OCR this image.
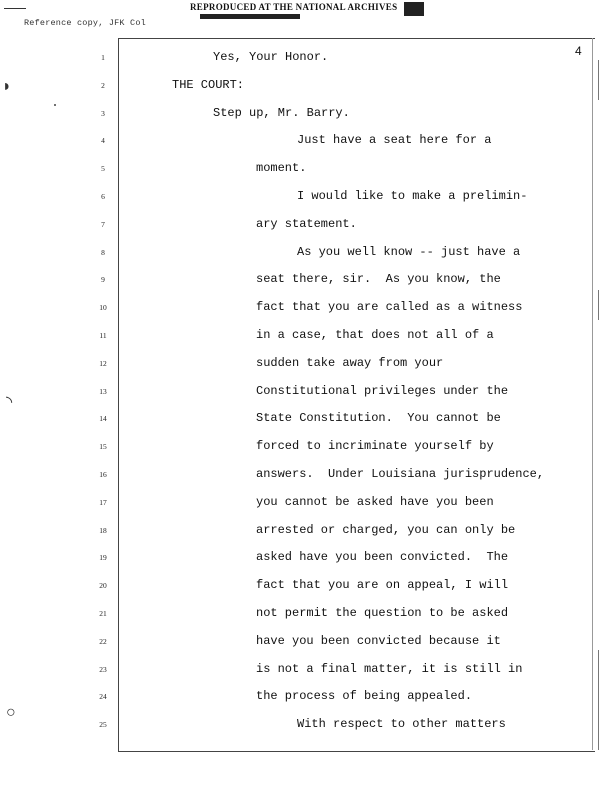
REPRODUCED AT THE NATIONAL ARCHIVES
Reference copy, JFK Col
4
◗
◝
○
1	Yes, Your Honor.
2	THE COURT:
3	Step up, Mr. Barry.
4	Just have a seat here for a
5	moment.
6	I would like to make a prelimin-
7	ary statement.
8	As you well know -- just have a
9	seat there, sir.  As you know, the
10	fact that you are called as a witness
11	in a case, that does not all of a
12	sudden take away from your
13	Constitutional privileges under the
14	State Constitution.  You cannot be
15	forced to incriminate yourself by
16	answers.  Under Louisiana jurisprudence,
17	you cannot be asked have you been
18	arrested or charged, you can only be
19	asked have you been convicted.  The
20	fact that you are on appeal, I will
21	not permit the question to be asked
22	have you been convicted because it
23	is not a final matter, it is still in
24	the process of being appealed.
25	With respect to other matters
